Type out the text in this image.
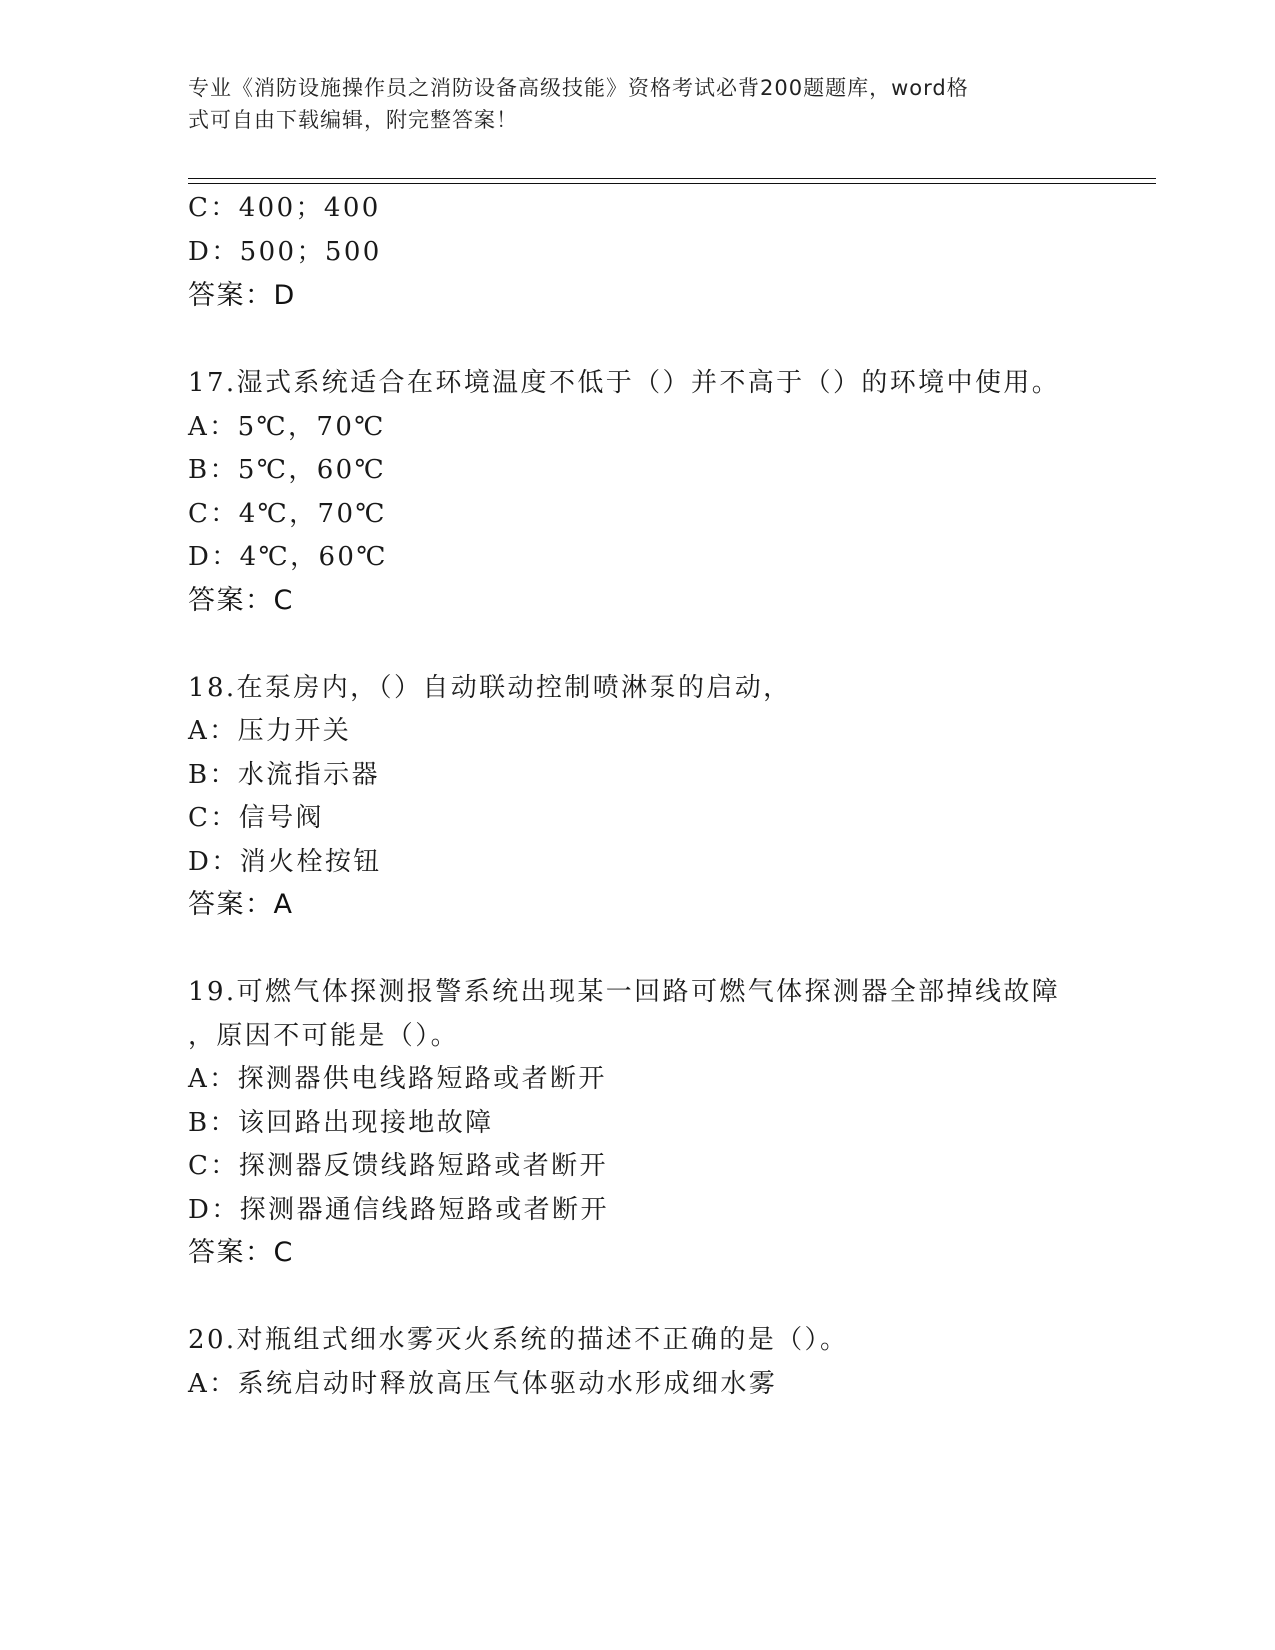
专业《消防设施操作员之消防设备高级技能》资格考试必背200题题库，word格
式可自由下载编辑，附完整答案！
C：400；400
D：500；500
答案：D
17.湿式系统适合在环境温度不低于（）并不高于（）的环境中使用。
A：5℃，70℃
B：5℃，60℃
C：4℃，70℃
D：4℃，60℃
答案：C
18.在泵房内，（）自动联动控制喷淋泵的启动，
A：压力开关
B：水流指示器
C：信号阀
D：消火栓按钮
答案：A
19.可燃气体探测报警系统出现某一回路可燃气体探测器全部掉线故障
，原因不可能是（）。
A：探测器供电线路短路或者断开
B：该回路出现接地故障
C：探测器反馈线路短路或者断开
D：探测器通信线路短路或者断开
答案：C
20.对瓶组式细水雾灭火系统的描述不正确的是（）。
A：系统启动时释放高压气体驱动水形成细水雾
